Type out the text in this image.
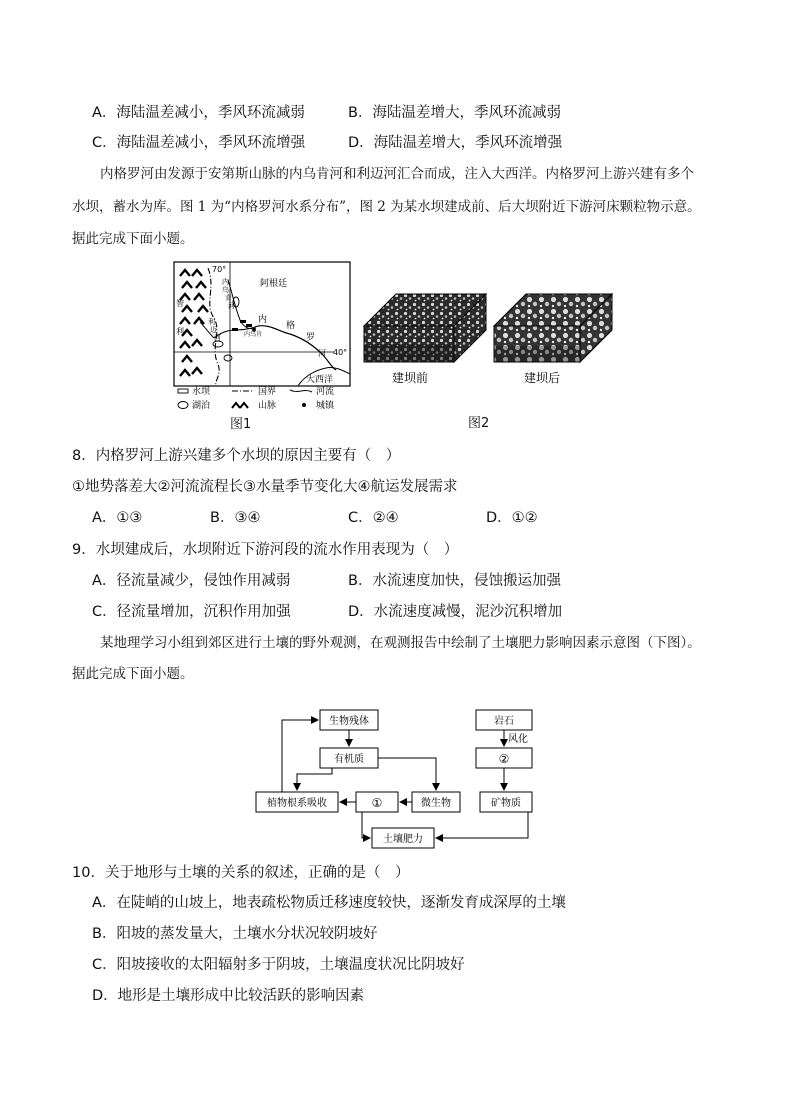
A．海陆温差减小，季风环流减弱	B．海陆温差增大，季风环流减弱
C．海陆温差减小，季风环流增强	D．海陆温差增大，季风环流增强
内格罗河由发源于安第斯山脉的内乌肯河和利迈河汇合而成，注入大西洋。内格罗河上游兴建有多个
水坝，蓄水为库。图 1 为“内格罗河水系分布”，图 2 为某水坝建成前、后大坝附近下游河床颗粒物示意。
据此完成下面小题。
70°
40°
阿根廷
智
利
内
乌
肯
河
利
迈
河	内乌肯
内
格
罗
河
大西洋
水坝
湖泊
国界
山脉
河流
城镇
图1
建坝前	建坝后
图2
8．内格罗河上游兴建多个水坝的原因主要有（　）
①地势落差大②河流流程长③水量季节变化大④航运发展需求
A．①③	B．③④	C．②④	D．①②
9．水坝建成后，水坝附近下游河段的流水作用表现为（　）
A．径流量减少，侵蚀作用减弱	B．水流速度加快，侵蚀搬运加强
C．径流量增加，沉积作用加强	D．水流速度减慢，泥沙沉积增加
某地理学习小组到郊区进行土壤的野外观测，在观测报告中绘制了土壤肥力影响因素示意图（下图）。
据此完成下面小题。
生物残体
有机质
植物根系吸收	①	微生物
岩石
②
矿物质
土壤肥力
风化
10．关于地形与土壤的关系的叙述，正确的是（　）
A．在陡峭的山坡上，地表疏松物质迁移速度较快，逐渐发育成深厚的土壤
B．阳坡的蒸发量大，土壤水分状况较阴坡好
C．阳坡接收的太阳辐射多于阴坡，土壤温度状况比阴坡好
D．地形是土壤形成中比较活跃的影响因素
